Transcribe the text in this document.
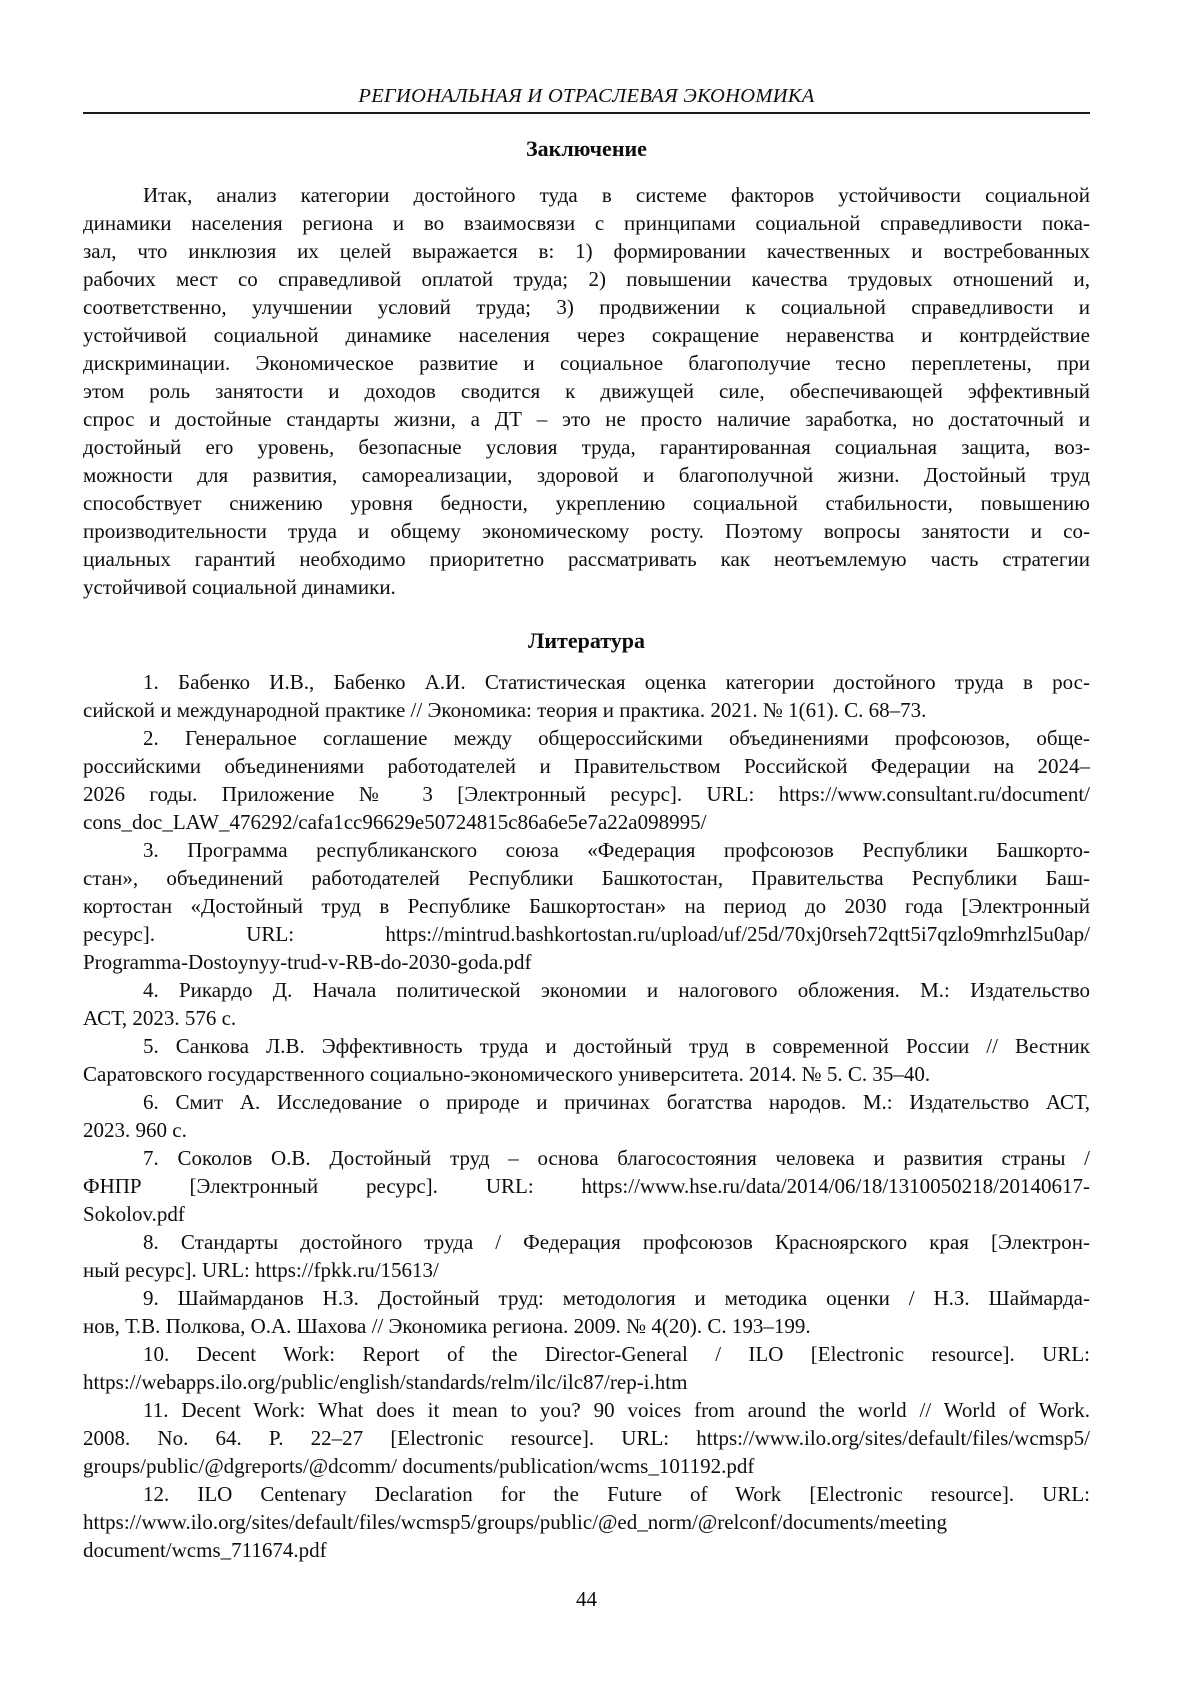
РЕГИОНАЛЬНАЯ И ОТРАСЛЕВАЯ ЭКОНОМИКА
Заключение
Итак, анализ категории достойного туда в системе факторов устойчивости социальной
динамики населения региона и во взаимосвязи с принципами социальной справедливости пока-
зал, что инклюзия их целей выражается в: 1) формировании качественных и востребованных
рабочих мест со справедливой оплатой труда; 2) повышении качества трудовых отношений и,
соответственно, улучшении условий труда; 3) продвижении к социальной справедливости и
устойчивой социальной динамике населения через сокращение неравенства и контрдействие
дискриминации. Экономическое развитие и социальное благополучие тесно переплетены, при
этом роль занятости и доходов сводится к движущей силе, обеспечивающей эффективный
спрос и достойные стандарты жизни, а ДТ – это не просто наличие заработка, но достаточный и
достойный его уровень, безопасные условия труда, гарантированная социальная защита, воз-
можности для развития, самореализации, здоровой и благополучной жизни. Достойный труд
способствует снижению уровня бедности, укреплению социальной стабильности, повышению
производительности труда и общему экономическому росту. Поэтому вопросы занятости и со-
циальных гарантий необходимо приоритетно рассматривать как неотъемлемую часть стратегии
устойчивой социальной динамики.
Литература
1. Бабенко И.В., Бабенко А.И. Статистическая оценка категории достойного труда в рос-
сийской и международной практике // Экономика: теория и практика. 2021. № 1(61). С. 68–73.
2. Генеральное соглашение между общероссийскими объединениями профсоюзов, обще-
российскими объединениями работодателей и Правительством Российской Федерации на 2024–
2026 годы. Приложение № 3 [Электронный ресурс]. URL: https://www.consultant.ru/document/
cons_doc_LAW_476292/cafa1cc96629e50724815c86a6e5e7a22a098995/
3. Программа республиканского союза «Федерация профсоюзов Республики Башкорто-
стан», объединений работодателей Республики Башкотостан, Правительства Республики Баш-
кортостан «Достойный труд в Республике Башкортостан» на период до 2030 года [Электронный
ресурс]. URL: https://mintrud.bashkortostan.ru/upload/uf/25d/70xj0rseh72qtt5i7qzlo9mrhzl5u0ap/
Programma-Dostoynyy-trud-v-RB-do-2030-goda.pdf
4. Рикардо Д. Начала политической экономии и налогового обложения. М.: Издательство
АСТ, 2023. 576 с.
5. Санкова Л.В. Эффективность труда и достойный труд в современной России // Вестник
Саратовского государственного социально-экономического университета. 2014. № 5. С. 35–40.
6. Смит А. Исследование о природе и причинах богатства народов. М.: Издательство АСТ,
2023. 960 с.
7. Соколов О.В. Достойный труд – основа благосостояния человека и развития страны /
ФНПР [Электронный ресурс]. URL: https://www.hse.ru/data/2014/06/18/1310050218/20140617-
Sokolov.pdf
8. Стандарты достойного труда / Федерация профсоюзов Красноярского края [Электрон-
ный ресурс]. URL: https://fpkk.ru/15613/
9. Шаймарданов Н.З. Достойный труд: методология и методика оценки / Н.З. Шаймарда-
нов, Т.В. Полкова, О.А. Шахова // Экономика региона. 2009. № 4(20). С. 193–199.
10. Decent Work: Report of the Director-General / ILO [Electronic resource]. URL:
https://webapps.ilo.org/public/english/standards/relm/ilc/ilc87/rep-i.htm
11. Decent Work: What does it mean to you? 90 voices from around the world // World of Work.
2008. No. 64. P. 22–27 [Electronic resource]. URL: https://www.ilo.org/sites/default/files/wcmsp5/
groups/public/@dgreports/@dcomm/ documents/publication/wcms_101192.pdf
12. ILO Centenary Declaration for the Future of Work [Electronic resource]. URL:
https://www.ilo.org/sites/default/files/wcmsp5/groups/public/@ed_norm/@relconf/documents/meeting
document/wcms_711674.pdf
44
